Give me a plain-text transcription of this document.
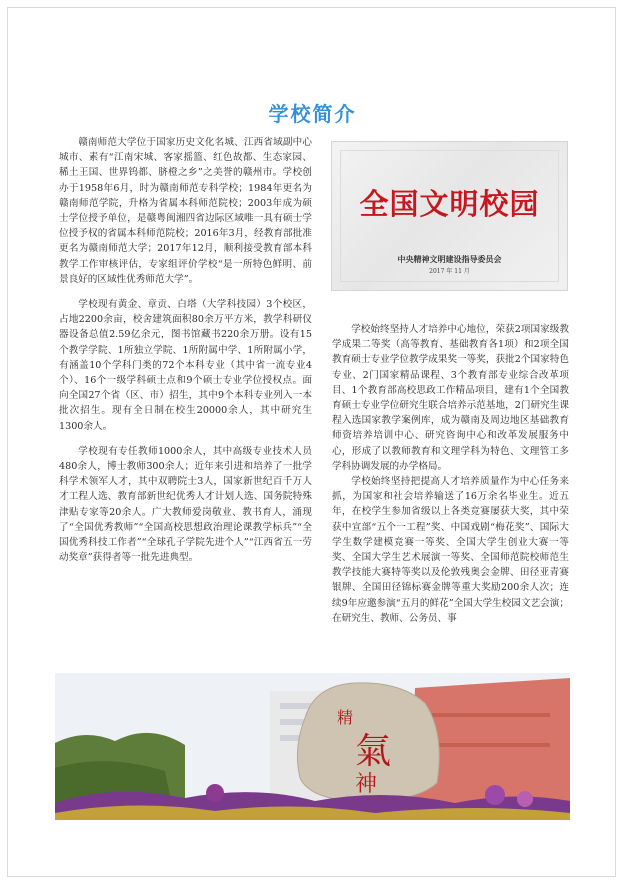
学校简介

赣南师范大学位于国家历史文化名城、江西省域副中心城市、素有“江南宋城、客家摇篮、红色故都、生态家园、稀土王国、世界钨都、脐橙之乡”之美誉的赣州市。学校创办于1958年6月，时为赣南师范专科学校；1984年更名为赣南师范学院，升格为省属本科师范院校；2003年成为硕士学位授予单位，是赣粤闽湘四省边际区域唯一具有硕士学位授予权的省属本科师范院校；2016年3月，经教育部批准更名为赣南师范大学；2017年12月，顺利接受教育部本科教学工作审核评估，专家组评价学校“是一所特色鲜明、前景良好的区域性优秀师范大学”。

学校现有黄金、章贡、白塔（大学科技园）3个校区，占地2200余亩，校舍建筑面积80余万平方米，教学科研仪器设备总值2.59亿余元，图书馆藏书220余万册。设有15个教学学院、1所独立学院、1所附属中学、1所附属小学，有涵盖10个学科门类的72个本科专业（其中省一流专业4个）、16个一级学科硕士点和9个硕士专业学位授权点。面向全国27个省（区、市）招生，其中9个本科专业列入一本批次招生。现有全日制在校生20000余人，其中研究生1300余人。

学校现有专任教师1000余人，其中高级专业技术人员480余人，博士教师300余人；近年来引进和培养了一批学科学术领军人才，其中双聘院士3人，国家新世纪百千万人才工程人选、教育部新世纪优秀人才计划人选、国务院特殊津贴专家等20余人。广大教师爱岗敬业、教书育人，涌现了“全国优秀教师”“全国高校思想政治理论课教学标兵”“全国优秀科技工作者”“全球孔子学院先进个人”“江西省五一劳动奖章”获得者等一批先进典型。

全国文明校园
中央精神文明建设指导委员会
2017 年 11 月

学校始终坚持人才培养中心地位，荣获2项国家级教学成果二等奖（高等教育、基础教育各1项）和2项全国教育硕士专业学位教学成果奖一等奖，获批2个国家特色专业、2门国家精品课程、3个教育部专业综合改革项目、1个教育部高校思政工作精品项目，建有1个全国教育硕士专业学位研究生联合培养示范基地，2门研究生课程入选国家教学案例库，成为赣南及周边地区基础教育师资培养培训中心、研究咨询中心和改革发展服务中心，形成了以教师教育和文理学科为特色、文理管工多学科协调发展的办学格局。

学校始终坚持把提高人才培养质量作为中心任务来抓，为国家和社会培养输送了16万余名毕业生。近五年，在校学生参加省级以上各类竞赛屡获大奖，其中荣获中宣部“五个一工程”奖、中国戏剧“梅花奖”、国际大学生数学建模竞赛一等奖、全国大学生创业大赛一等奖、全国大学生艺术展演一等奖、全国师范院校师范生教学技能大赛特等奖以及伦敦残奥会金牌、田径亚青赛银牌、全国田径锦标赛金牌等重大奖励200余人次；连续9年应邀参演“五月的鲜花”全国大学生校园文艺会演；在研究生、教师、公务员、事

精
氣
神
